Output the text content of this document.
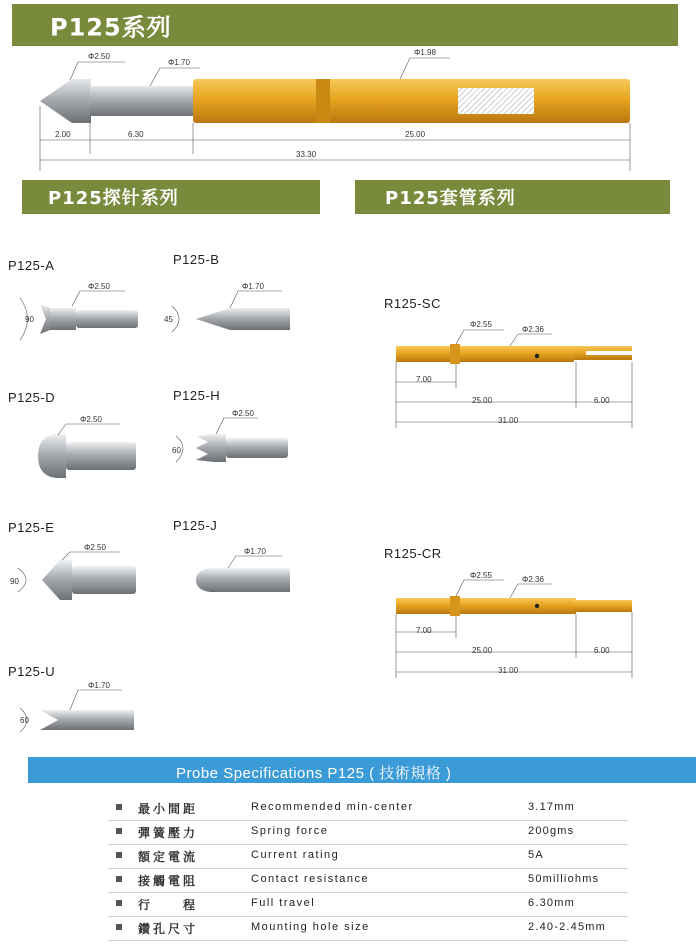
P125系列
Φ2.50
Φ1.70
Φ1.98
2.00	6.30	25.00
33.30
P125探针系列	P125套管系列
P125-A	P125-B
P125-D	P125-H
P125-E	P125-J
P125-U
90
Φ2.50
45
Φ1.70
Φ2.50
60
Φ2.50
90
Φ2.50	Φ1.70
60
Φ1.70
R125-SC
R125-CR
Φ2.55
Φ2.36
7.00
25.00	6.00
31.00
Φ2.55	Φ2.36
7.00
25.00	6.00
31.00
Probe Specifications P125 ( 技術規格 )
最小間距	Recommended min-center	3.17mm
彈簧壓力	Spring force	200gms
額定電流	Current rating	5A
接觸電阻	Contact resistance	50milliohms
行　　程	Full travel	6.30mm
鑽孔尺寸	Mounting hole size	2.40-2.45mm
